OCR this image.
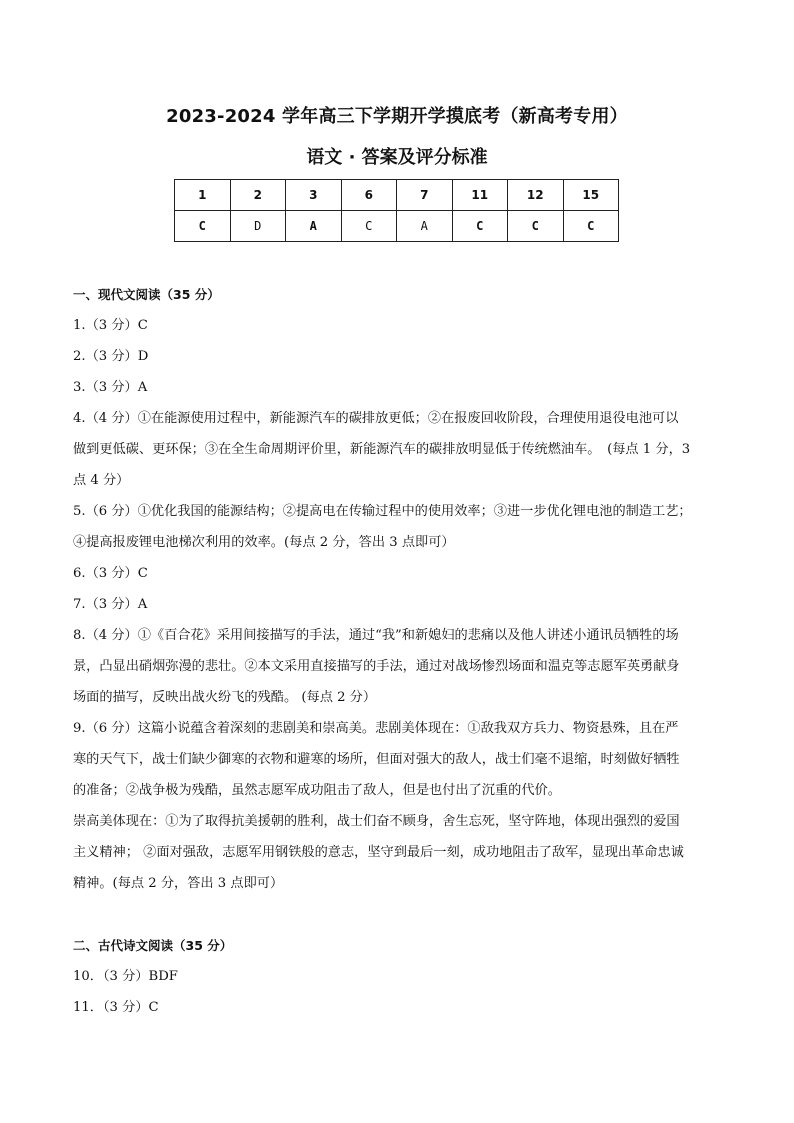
2023-2024 学年高三下学期开学摸底考（新高考专用）
语文 · 答案及评分标准
1	2	3	6	7	11	12	15
C	D	A	C	A	C	C	C
一、现代文阅读（35 分）
1.（3 分）C
2.（3 分）D
3.（3 分）A
4.（4 分）①在能源使用过程中，新能源汽车的碳排放更低；②在报废回收阶段，合理使用退役电池可以
做到更低碳、更环保；③在全生命周期评价里，新能源汽车的碳排放明显低于传统燃油车。　(每点 1 分，3
点 4 分）
5.（6 分）①优化我国的能源结构；②提高电在传输过程中的使用效率；③进一步优化锂电池的制造工艺；
④提高报废锂电池梯次利用的效率。(每点 2 分，答出 3 点即可）
6.（3 分）C
7.（3 分）A
8.（4 分）①《百合花》采用间接描写的手法，通过“我”和新媳妇的悲痛以及他人讲述小通讯员牺牲的场
景，凸显出硝烟弥漫的悲壮。②本文采用直接描写的手法，通过对战场惨烈场面和温克等志愿军英勇献身
场面的描写，反映出战火纷飞的残酷。 (每点 2 分）
9.（6 分）这篇小说蕴含着深刻的悲剧美和崇高美。悲剧美体现在：①敌我双方兵力、物资悬殊，且在严
寒的天气下，战士们缺少御寒的衣物和避寒的场所，但面对强大的敌人，战士们毫不退缩，时刻做好牺牲
的准备；②战争极为残酷，虽然志愿军成功阻击了敌人，但是也付出了沉重的代价。
崇高美体现在：①为了取得抗美援朝的胜利，战士们奋不顾身，舍生忘死，坚守阵地，体现出强烈的爱国
主义精神； ②面对强敌，志愿军用钢铁般的意志，坚守到最后一刻，成功地阻击了敌军，显现出革命忠诚
精神。(每点 2 分，答出 3 点即可）
二、古代诗文阅读（35 分）
10．（3 分）BDF
11．（3 分）C
